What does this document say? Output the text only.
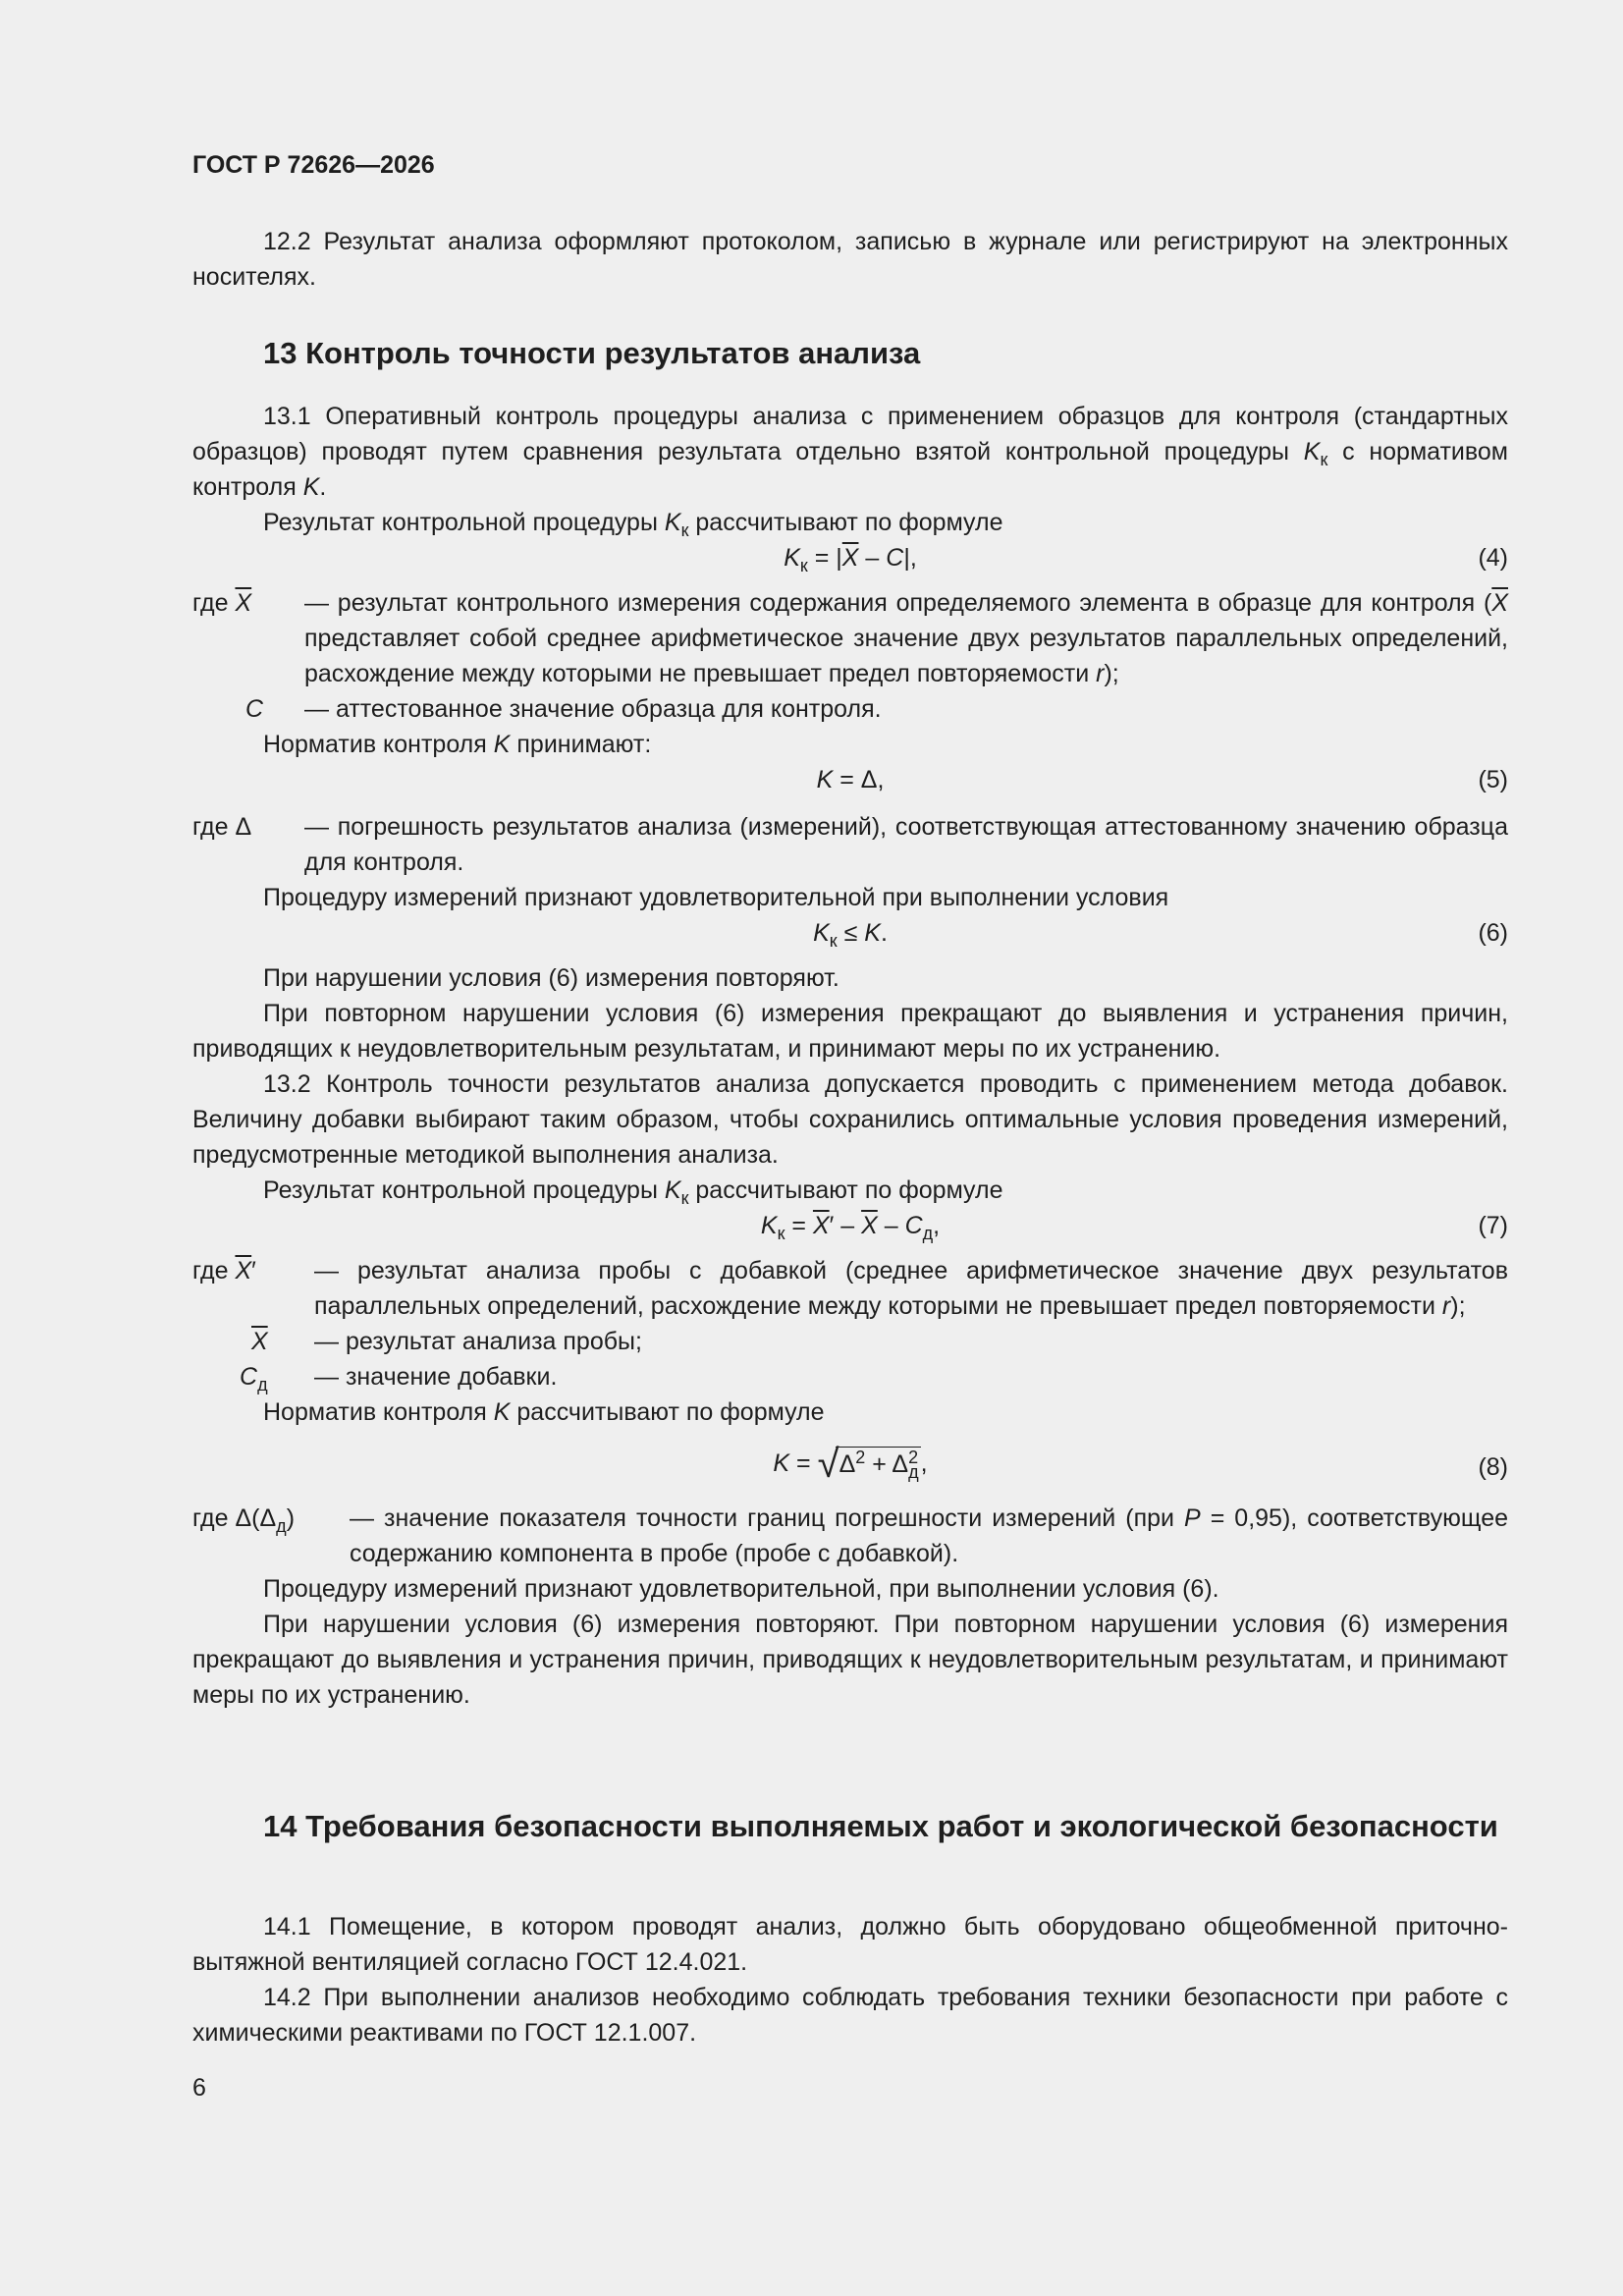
ГОСТ Р 72626—2026

12.2 Результат анализа оформляют протоколом, записью в журнале или регистрируют на электронных носителях.

13 Контроль точности результатов анализа

13.1 Оперативный контроль процедуры анализа с применением образцов для контроля (стандартных образцов) проводят путем сравнения результата отдельно взятой контрольной процедуры $K_к$ с нормативом контроля K.

Результат контрольной процедуры $K_к$ рассчитывают по формуле

$K_к = |\overline{X} - C|$,	(4)
где $\overline{X}$	— результат контрольного измерения содержания определяемого элемента в образце для контроля ($\overline{X}$ представляет собой среднее арифметическое значение двух результатов параллельных определений, расхождение между которыми не превышает предел повторяемости r);

C	— аттестованное значение образца для контроля.

Норматив контроля K принимают:

K = Δ,	(5)
где Δ	— погрешность результатов анализа (измерений), соответствующая аттестованному значению образца для контроля.

Процедуру измерений признают удовлетворительной при выполнении условия

$K_к \le K$.	(6)

При нарушении условия (6) измерения повторяют.

При повторном нарушении условия (6) измерения прекращают до выявления и устранения причин, приводящих к неудовлетворительным результатам, и принимают меры по их устранению.

13.2 Контроль точности результатов анализа допускается проводить с применением метода добавок. Величину добавки выбирают таким образом, чтобы сохранились оптимальные условия проведения измерений, предусмотренные методикой выполнения анализа.

Результат контрольной процедуры $K_к$ рассчитывают по формуле

$K_к = \overline{X}' - \overline{X} - C_д$,	(7)
где $\overline{X}'$	— результат анализа пробы с добавкой (среднее арифметическое значение двух результатов параллельных определений, расхождение между которыми не превышает предел повторяемости r);

$\overline{X}$	— результат анализа пробы;

$C_д$	— значение добавки.

Норматив контроля K рассчитывают по формуле

K = √ $\Delta^2 + \Delta^2_д$,	(8)
где $\Delta(\Delta_д)$	— значение показателя точности границ погрешности измерений (при P = 0,95), соответствующее содержанию компонента в пробе (пробе с добавкой).

Процедуру измерений признают удовлетворительной, при выполнении условия (6).

При нарушении условия (6) измерения повторяют. При повторном нарушении условия (6) измерения прекращают до выявления и устранения причин, приводящих к неудовлетворительным результатам, и принимают меры по их устранению.

14 Требования безопасности выполняемых работ и экологической безопасности

14.1 Помещение, в котором проводят анализ, должно быть оборудовано общеобменной приточно-вытяжной вентиляцией согласно ГОСТ 12.4.021.

14.2 При выполнении анализов необходимо соблюдать требования техники безопасности при работе с химическими реактивами по ГОСТ 12.1.007.

6
